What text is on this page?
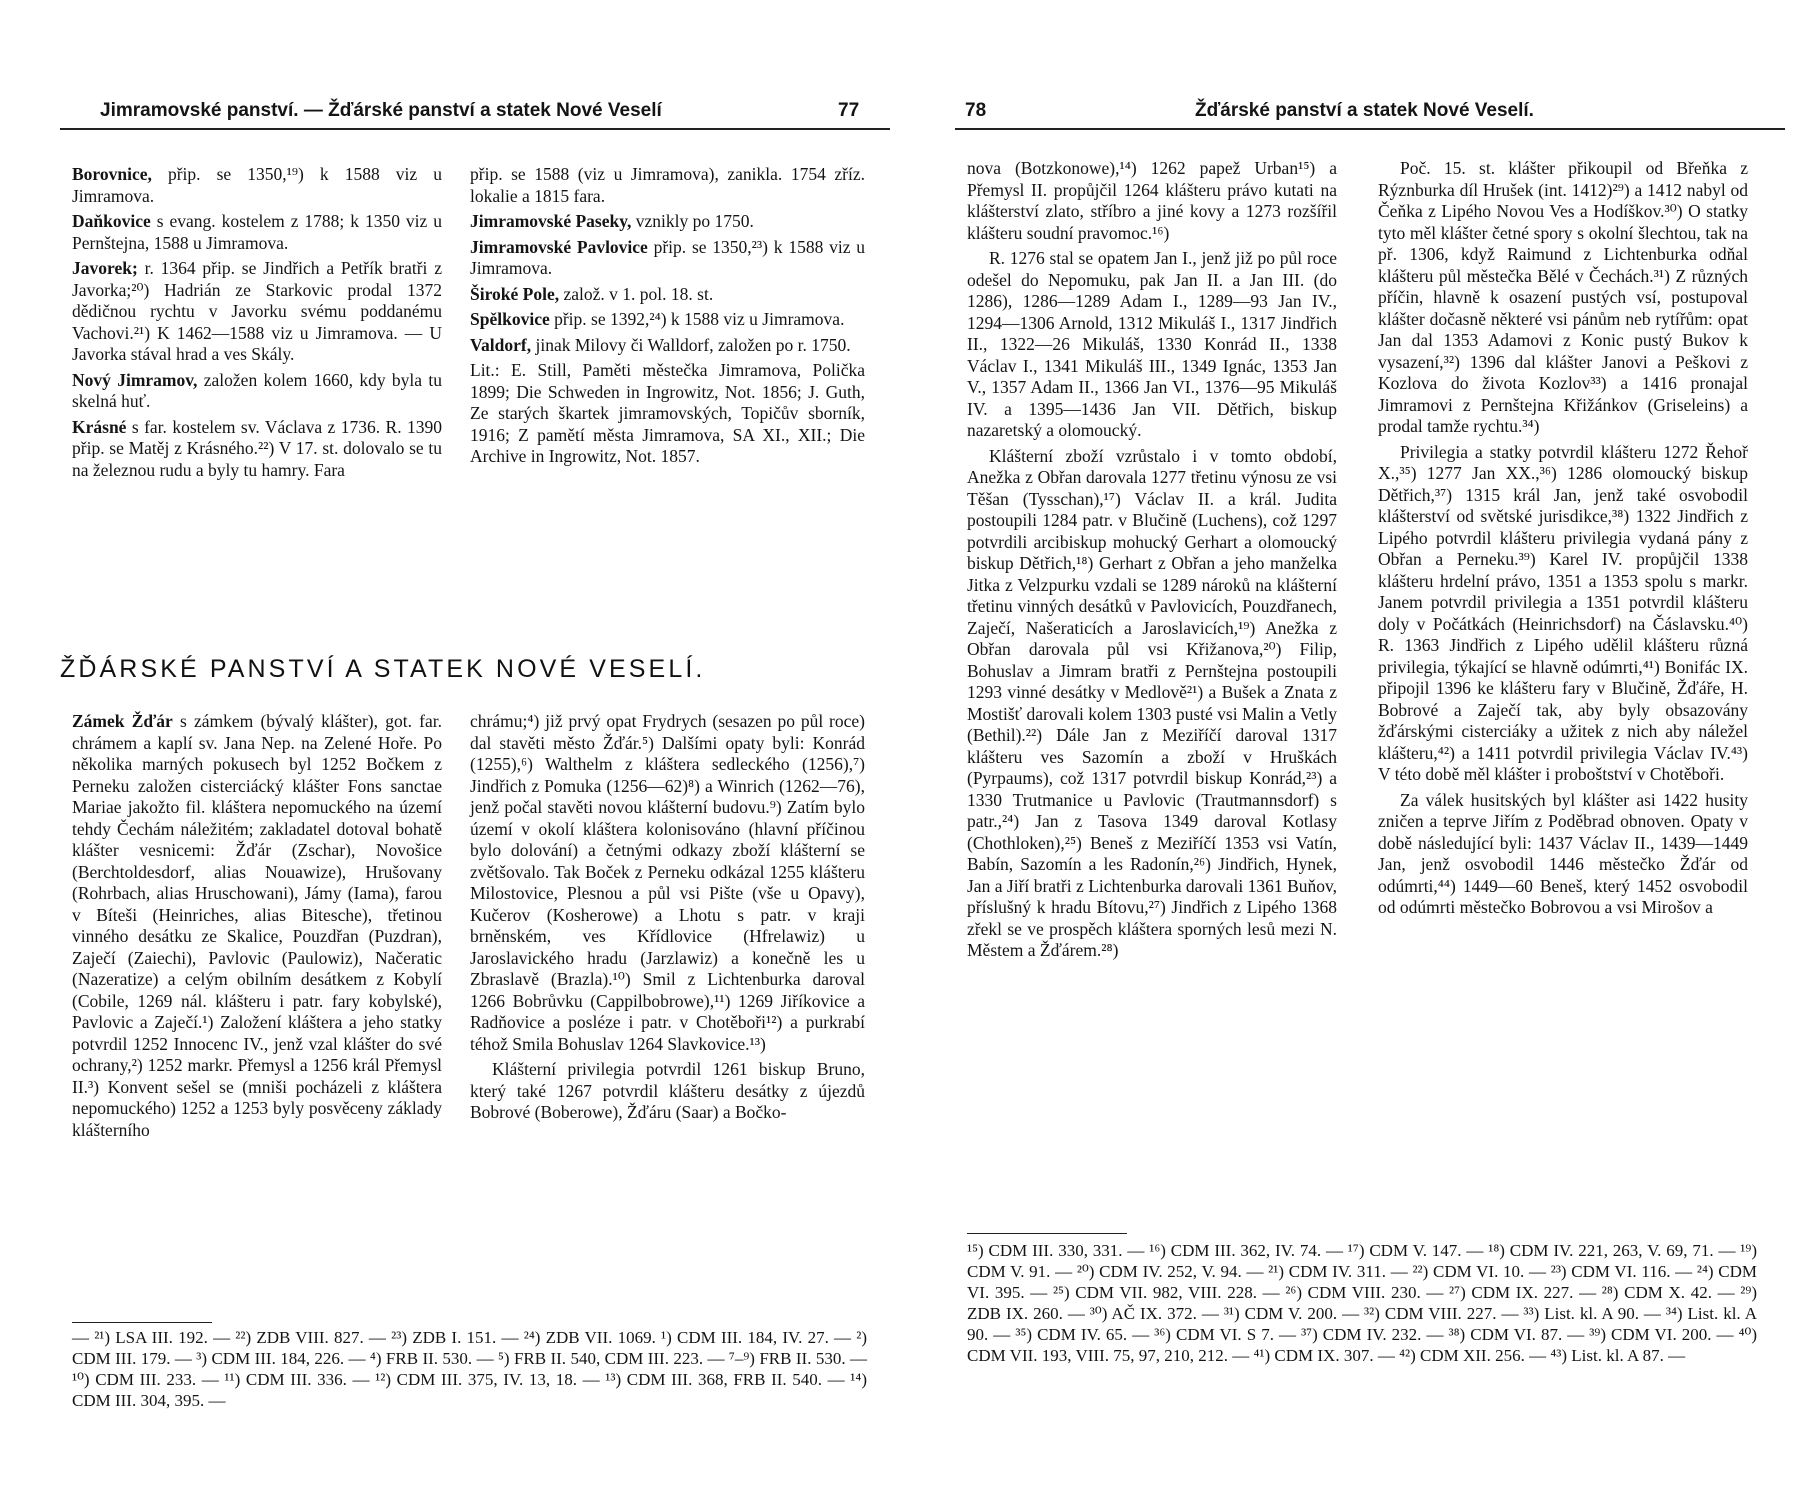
Jimramovské panství. — Žďárské panství a statek Nové Veselí	77

Borovnice, přip. se 1350,¹⁹) k 1588 viz u Jimramova.

Daňkovice s evang. kostelem z 1788; k 1350 viz u Pernštejna, 1588 u Jimramova.

Javorek; r. 1364 přip. se Jindřich a Petřík bratři z Javorka;²⁰) Hadrián ze Starkovic prodal 1372 dědičnou rychtu v Javorku svému poddanému Vachovi.²¹) K 1462—1588 viz u Jimramova. — U Javorka stával hrad a ves Skály.

Nový Jimramov, založen kolem 1660, kdy byla tu skelná huť.

Krásné s far. kostelem sv. Václava z 1736. R. 1390 přip. se Matěj z Krásného.²²) V 17. st. dolovalo se tu na železnou rudu a byly tu hamry. Fara

přip. se 1588 (viz u Jimramova), zanikla. 1754 zříz. lokalie a 1815 fara.

Jimramovské Paseky, vznikly po 1750.

Jimramovské Pavlovice přip. se 1350,²³) k 1588 viz u Jimramova.

Široké Pole, založ. v 1. pol. 18. st.

Spělkovice přip. se 1392,²⁴) k 1588 viz u Jimramova.

Valdorf, jinak Milovy či Walldorf, založen po r. 1750.

Lit.: E. Still, Paměti městečka Jimramova, Polička 1899; Die Schweden in Ingrowitz, Not. 1856; J. Guth, Ze starých škartek jimramovských, Topičův sborník, 1916; Z pamětí města Jimramova, SA XI., XII.; Die Archive in Ingrowitz, Not. 1857.

ŽĎÁRSKÉ PANSTVÍ A STATEK NOVÉ VESELÍ.

Zámek Žďár s zámkem (bývalý klášter), got. far. chrámem a kaplí sv. Jana Nep. na Zelené Hoře. Po několika marných pokusech byl 1252 Bočkem z Perneku založen cisterciácký klášter Fons sanctae Mariae jakožto fil. kláštera nepomuckého na území tehdy Čechám náležitém; zakladatel dotoval bohatě klášter vesnicemi: Žďár (Zschar), Novošice (Berchtoldesdorf, alias Nouawize), Hrušovany (Rohrbach, alias Hruschowani), Jámy (Iama), farou v Bíteši (Heinriches, alias Bitesche), třetinou vinného desátku ze Skalice, Pouzdřan (Puzdran), Zaječí (Zaiechi), Pavlovic (Paulowiz), Načeratic (Nazeratize) a celým obilním desátkem z Kobylí (Cobile, 1269 nál. klášteru i patr. fary kobylské), Pavlovic a Zaječí.¹) Založení kláštera a jeho statky potvrdil 1252 Innocenc IV., jenž vzal klášter do své ochrany,²) 1252 markr. Přemysl a 1256 král Přemysl II.³) Konvent sešel se (mniši pocházeli z kláštera nepomuckého) 1252 a 1253 byly posvěceny základy klášterního

chrámu;⁴) již prvý opat Frydrych (sesazen po půl roce) dal stavěti město Žďár.⁵) Dalšími opaty byli: Konrád (1255),⁶) Walthelm z kláštera sedleckého (1256),⁷) Jindřich z Pomuka (1256—62)⁸) a Winrich (1262—76), jenž počal stavěti novou klášterní budovu.⁹) Zatím bylo území v okolí kláštera kolonisováno (hlavní příčinou bylo dolování) a četnými odkazy zboží klášterní se zvětšovalo. Tak Boček z Perneku odkázal 1255 klášteru Milostovice, Plesnou a půl vsi Pište (vše u Opavy), Kučerov (Kosherowe) a Lhotu s patr. v kraji brněnském, ves Křídlovice (Hfrelawiz) u Jaroslavického hradu (Jarzlawiz) a konečně les u Zbraslavě (Brazla).¹⁰) Smil z Lichtenburka daroval 1266 Bobrůvku (Cappilbobrowe),¹¹) 1269 Jiříkovice a Radňovice a posléze i patr. v Chotěboři¹²) a purkrabí téhož Smila Bohuslav 1264 Slavkovice.¹³)

Klášterní privilegia potvrdil 1261 biskup Bruno, který také 1267 potvrdil klášteru desátky z újezdů Bobrové (Boberowe), Žďáru (Saar) a Bočko-

— ²¹) LSA III. 192. — ²²) ZDB VIII. 827. — ²³) ZDB I. 151. — ²⁴) ZDB VII. 1069. ¹) CDM III. 184, IV. 27. — ²) CDM III. 179. — ³) CDM III. 184, 226. — ⁴) FRB II. 530. — ⁵) FRB II. 540, CDM III. 223. — ⁷–⁹) FRB II. 530. — ¹⁰) CDM III. 233. — ¹¹) CDM III. 336. — ¹²) CDM III. 375, IV. 13, 18. — ¹³) CDM III. 368, FRB II. 540. — ¹⁴) CDM III. 304, 395. —
78	Žďárské panství a statek Nové Veselí.

nova (Botzkonowe),¹⁴) 1262 papež Urban¹⁵) a Přemysl II. propůjčil 1264 klášteru právo kutati na klášterství zlato, stříbro a jiné kovy a 1273 rozšířil klášteru soudní pravomoc.¹⁶)

R. 1276 stal se opatem Jan I., jenž již po půl roce odešel do Nepomuku, pak Jan II. a Jan III. (do 1286), 1286—1289 Adam I., 1289—93 Jan IV., 1294—1306 Arnold, 1312 Mikuláš I., 1317 Jindřich II., 1322—26 Mikuláš, 1330 Konrád II., 1338 Václav I., 1341 Mikuláš III., 1349 Ignác, 1353 Jan V., 1357 Adam II., 1366 Jan VI., 1376—95 Mikuláš IV. a 1395—1436 Jan VII. Dětřich, biskup nazaretský a olomoucký.

Klášterní zboží vzrůstalo i v tomto období, Anežka z Obřan darovala 1277 třetinu výnosu ze vsi Těšan (Tysschan),¹⁷) Václav II. a král. Judita postoupili 1284 patr. v Blučině (Luchens), což 1297 potvrdili arcibiskup mohucký Gerhart a olomoucký biskup Dětřich,¹⁸) Gerhart z Obřan a jeho manželka Jitka z Velzpurku vzdali se 1289 nároků na klášterní třetinu vinných desátků v Pavlovicích, Pouzdřanech, Zaječí, Našeraticích a Jaroslavicích,¹⁹) Anežka z Obřan darovala půl vsi Křižanova,²⁰) Filip, Bohuslav a Jimram bratři z Pernštejna postoupili 1293 vinné desátky v Medlově²¹) a Bušek a Znata z Mostišť darovali kolem 1303 pusté vsi Malin a Vetly (Bethil).²²) Dále Jan z Meziříčí daroval 1317 klášteru ves Sazomín a zboží v Hruškách (Pyrpaums), což 1317 potvrdil biskup Konrád,²³) a 1330 Trutmanice u Pavlovic (Trautmannsdorf) s patr.,²⁴) Jan z Tasova 1349 daroval Kotlasy (Chothloken),²⁵) Beneš z Meziříčí 1353 vsi Vatín, Babín, Sazomín a les Radonín,²⁶) Jindřich, Hynek, Jan a Jiří bratři z Lichtenburka darovali 1361 Buňov, příslušný k hradu Bítovu,²⁷) Jindřich z Lipého 1368 zřekl se ve prospěch kláštera sporných lesů mezi N. Městem a Žďárem.²⁸)

Poč. 15. st. klášter přikoupil od Břeňka z Rýznburka díl Hrušek (int. 1412)²⁹) a 1412 nabyl od Čeňka z Lipého Novou Ves a Hodíškov.³⁰) O statky tyto měl klášter četné spory s okolní šlechtou, tak na př. 1306, když Raimund z Lichtenburka odňal klášteru půl městečka Bělé v Čechách.³¹) Z různých příčin, hlavně k osazení pustých vsí, postupoval klášter dočasně některé vsi pánům neb rytířům: opat Jan dal 1353 Adamovi z Konic pustý Bukov k vysazení,³²) 1396 dal klášter Janovi a Peškovi z Kozlova do života Kozlov³³) a 1416 pronajal Jimramovi z Pernštejna Křižánkov (Griseleins) a prodal tamže rychtu.³⁴)

Privilegia a statky potvrdil klášteru 1272 Řehoř X.,³⁵) 1277 Jan XX.,³⁶) 1286 olomoucký biskup Dětřich,³⁷) 1315 král Jan, jenž také osvobodil klášterství od světské jurisdikce,³⁸) 1322 Jindřich z Lipého potvrdil klášteru privilegia vydaná pány z Obřan a Perneku.³⁹) Karel IV. propůjčil 1338 klášteru hrdelní právo, 1351 a 1353 spolu s markr. Janem potvrdil privilegia a 1351 potvrdil klášteru doly v Počátkách (Heinrichsdorf) na Čáslavsku.⁴⁰) R. 1363 Jindřich z Lipého udělil klášteru různá privilegia, týkající se hlavně odúmrti,⁴¹) Bonifác IX. připojil 1396 ke klášteru fary v Blučině, Žďáře, H. Bobrové a Zaječí tak, aby byly obsazovány žďárskými cisterciáky a užitek z nich aby náležel klášteru,⁴²) a 1411 potvrdil privilegia Václav IV.⁴³) V této době měl klášter i proboštství v Chotěboři.

Za válek husitských byl klášter asi 1422 husity zničen a teprve Jiřím z Poděbrad obnoven. Opaty v době následující byli: 1437 Václav II., 1439—1449 Jan, jenž osvobodil 1446 městečko Žďár od odúmrti,⁴⁴) 1449—60 Beneš, který 1452 osvobodil od odúmrti městečko Bobrovou a vsi Mirošov a

¹⁵) CDM III. 330, 331. — ¹⁶) CDM III. 362, IV. 74. — ¹⁷) CDM V. 147. — ¹⁸) CDM IV. 221, 263, V. 69, 71. — ¹⁹) CDM V. 91. — ²⁰) CDM IV. 252, V. 94. — ²¹) CDM IV. 311. — ²²) CDM VI. 10. — ²³) CDM VI. 116. — ²⁴) CDM VI. 395. — ²⁵) CDM VII. 982, VIII. 228. — ²⁶) CDM VIII. 230. — ²⁷) CDM IX. 227. — ²⁸) CDM X. 42. — ²⁹) ZDB IX. 260. — ³⁰) AČ IX. 372. — ³¹) CDM V. 200. — ³²) CDM VIII. 227. — ³³) List. kl. A 90. — ³⁴) List. kl. A 90. — ³⁵) CDM IV. 65. — ³⁶) CDM VI. S 7. — ³⁷) CDM IV. 232. — ³⁸) CDM VI. 87. — ³⁹) CDM VI. 200. — ⁴⁰) CDM VII. 193, VIII. 75, 97, 210, 212. — ⁴¹) CDM IX. 307. — ⁴²) CDM XII. 256. — ⁴³) List. kl. A 87. —
